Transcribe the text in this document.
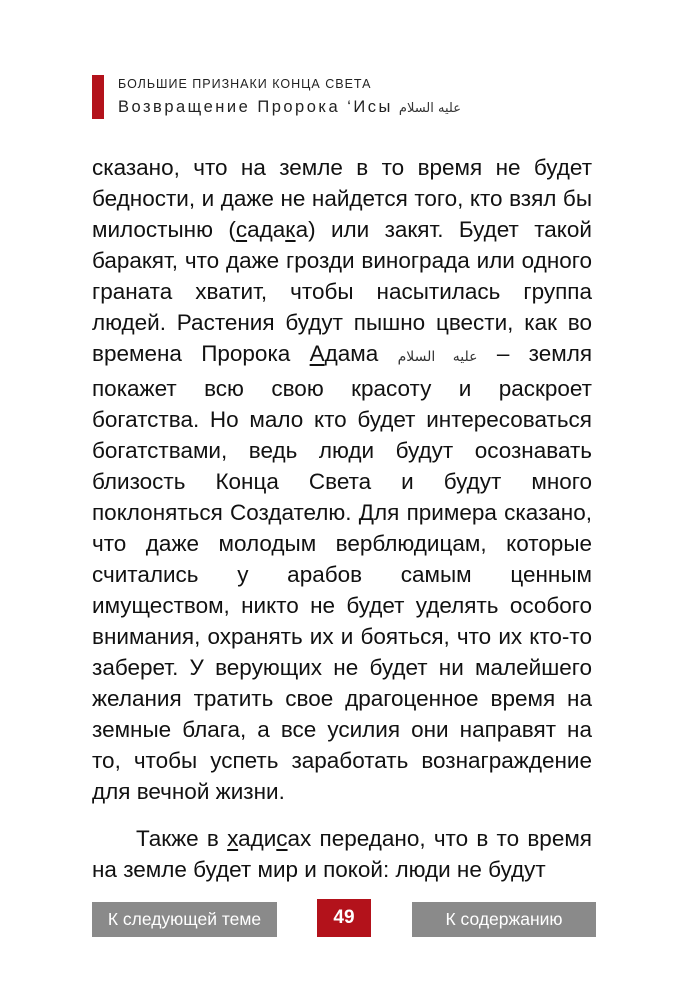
БОЛЬШИЕ ПРИЗНАКИ КОНЦА СВЕТА
Возвращение Пророка ‘Исы عليه السلام

сказано, что на земле в то время не будет бедности, и даже не найдется того, кто взял бы милостыню (садака) или закят. Будет такой баракят, что даже грозди винограда или одного граната хватит, чтобы насытилась группа людей. Растения будут пышно цвести, как во времена Пророка Адама عليه السلام – земля покажет всю свою красоту и раскроет богатства. Но мало кто будет интересоваться богатствами, ведь люди будут осознавать близость Конца Света и будут много поклоняться Создателю. Для примера сказано, что даже молодым верблюдицам, которые считались у арабов самым ценным имуществом, никто не будет уделять особого внимания, охранять их и бояться, что их кто-то заберет. У верующих не будет ни малейшего желания тратить свое драгоценное время на земные блага, а все усилия они направят на то, чтобы успеть заработать вознаграждение для вечной жизни.

Также в хадисах передано, что в то время на земле будет мир и покой: люди не будут

К следующей теме	49	К содержанию
